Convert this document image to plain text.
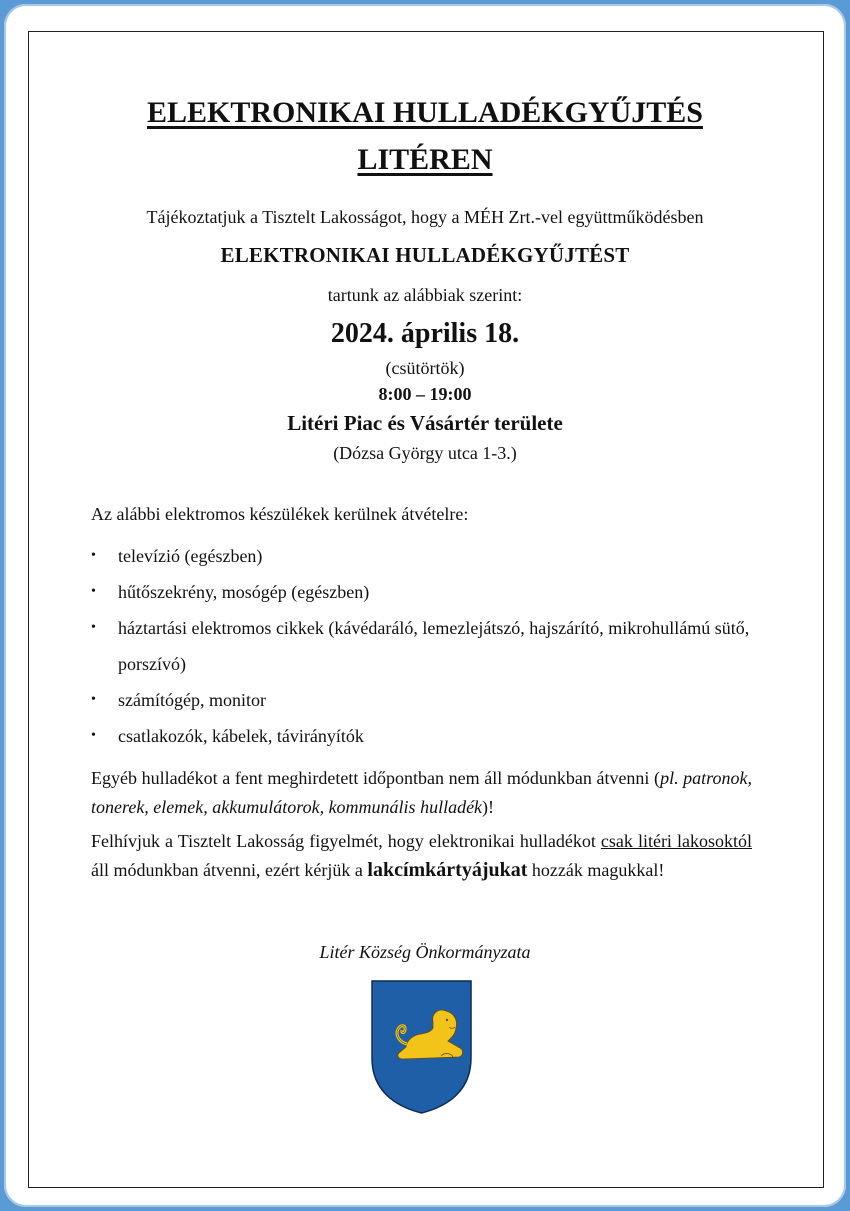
ELEKTRONIKAI HULLADÉKGYŰJTÉS
LITÉREN

Tájékoztatjuk a Tisztelt Lakosságot, hogy a MÉH Zrt.-vel együttműködésben

ELEKTRONIKAI HULLADÉKGYŰJTÉST

tartunk az alábbiak szerint:

2024. április 18.

(csütörtök)

8:00 – 19:00

Litéri Piac és Vásártér területe

(Dózsa György utca 1-3.)

Az alábbi elektromos készülékek kerülnek átvételre:

• televízió (egészben)
• hűtőszekrény, mosógép (egészben)
• háztartási elektromos cikkek (kávédaráló, lemezlejátszó, hajszárító, mikrohullámú sütő, porszívó)
• számítógép, monitor
• csatlakozók, kábelek, távirányítók

Egyéb hulladékot a fent meghirdetett időpontban nem áll módunkban átvenni (pl. patronok, tonerek, elemek, akkumulátorok, kommunális hulladék)!

Felhívjuk a Tisztelt Lakosság figyelmét, hogy elektronikai hulladékot csak litéri lakosoktól áll módunkban átvenni, ezért kérjük a lakcímkártyájukat hozzák magukkal!

Litér Község Önkormányzata
